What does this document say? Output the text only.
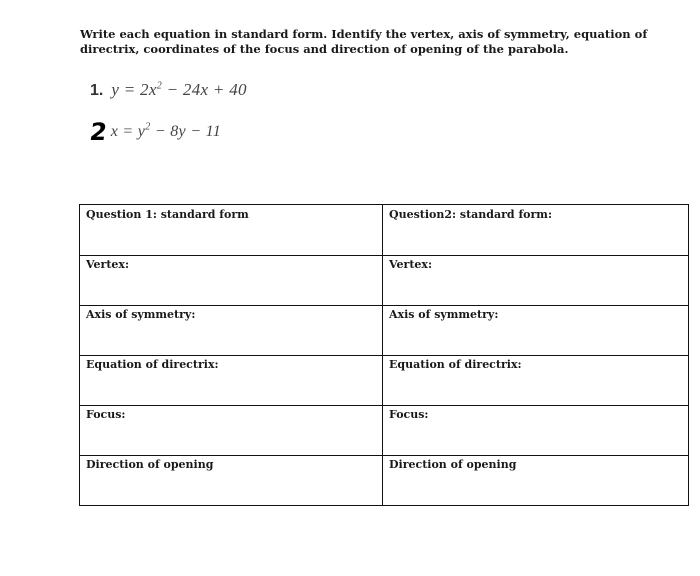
Write each equation in standard form. Identify the vertex, axis of symmetry, equation of directrix, coordinates of the focus and direction of opening of the parabola.
1. $y = 2x^2 - 24x + 40$
2 $x = y^2 - 8y - 11$
Question 1: standard form	Question2: standard form:
Vertex:	Vertex:
Axis of symmetry:	Axis of symmetry:
Equation of directrix:	Equation of directrix:
Focus:	Focus:
Direction of opening	Direction of opening
